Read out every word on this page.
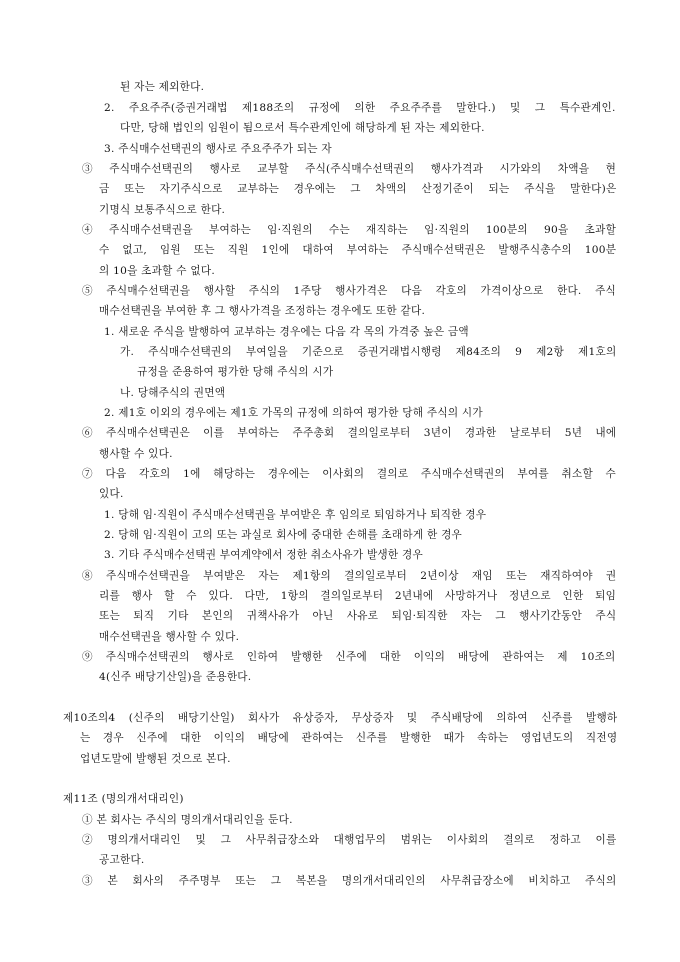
된 자는 제외한다.
2. 주요주주(증권거래법 제188조의 규정에 의한 주요주주를 말한다.) 및 그 특수관계인.
다만, 당해 법인의 임원이 됨으로서 특수관계인에 해당하게 된 자는 제외한다.
3. 주식매수선택권의 행사로 주요주주가 되는 자
③ 주식매수선택권의 행사로 교부할 주식(주식매수선택권의 행사가격과 시가와의 차액을 현
금 또는 자기주식으로 교부하는 경우에는 그 차액의 산정기준이 되는 주식을 말한다)은
기명식 보통주식으로 한다.
④ 주식매수선택권을 부여하는 임·직원의 수는 재직하는 임·직원의 100분의 90을 초과할
수 없고, 임원 또는 직원 1인에 대하여 부여하는 주식매수선택권은 발행주식총수의 100분
의 10을 초과할 수 없다.
⑤ 주식매수선택권을 행사할 주식의 1주당 행사가격은 다음 각호의 가격이상으로 한다. 주식
매수선택권을 부여한 후 그 행사가격을 조정하는 경우에도 또한 같다.
1. 새로운 주식을 발행하여 교부하는 경우에는 다음 각 목의 가격중 높은 금액
가. 주식매수선택권의 부여일을 기준으로 증권거래법시행령 제84조의 9 제2항 제1호의
규정을 준용하여 평가한 당해 주식의 시가
나. 당해주식의 권면액
2. 제1호 이외의 경우에는 제1호 가목의 규정에 의하여 평가한 당해 주식의 시가
⑥ 주식매수선택권은 이를 부여하는 주주총회 결의일로부터 3년이 경과한 날로부터 5년 내에
행사할 수 있다.
⑦ 다음 각호의 1에 해당하는 경우에는 이사회의 결의로 주식매수선택권의 부여를 취소할 수
있다.
1. 당해 임·직원이 주식매수선택권을 부여받은 후 임의로 퇴임하거나 퇴직한 경우
2. 당해 임·직원이 고의 또는 과실로 회사에 중대한 손해를 초래하게 한 경우
3. 기타 주식매수선택권 부여계약에서 정한 취소사유가 발생한 경우
⑧ 주식매수선택권을 부여받은 자는 제1항의 결의일로부터 2년이상 재임 또는 재직하여야 권
리를 행사 할 수 있다. 다만, 1항의 결의일로부터 2년내에 사망하거나 정년으로 인한 퇴임
또는 퇴직 기타 본인의 귀책사유가 아닌 사유로 퇴임·퇴직한 자는 그 행사기간동안 주식
매수선택권을 행사할 수 있다.
⑨ 주식매수선택권의 행사로 인하여 발행한 신주에 대한 이익의 배당에 관하여는 제 10조의
4(신주 배당기산일)을 준용한다.
제10조의4 (신주의 배당기산일) 회사가 유상증자, 무상증자 및 주식배당에 의하여 신주를 발행하
는 경우 신주에 대한 이익의 배당에 관하여는 신주를 발행한 때가 속하는 영업년도의 직전영
업년도말에 발행된 것으로 본다.
제11조 (명의개서대리인)
① 본 회사는 주식의 명의개서대리인을 둔다.
② 명의개서대리인 및 그 사무취급장소와 대행업무의 범위는 이사회의 결의로 정하고 이를
공고한다.
③ 본 회사의 주주명부 또는 그 복본을 명의개서대리인의 사무취급장소에 비치하고 주식의
